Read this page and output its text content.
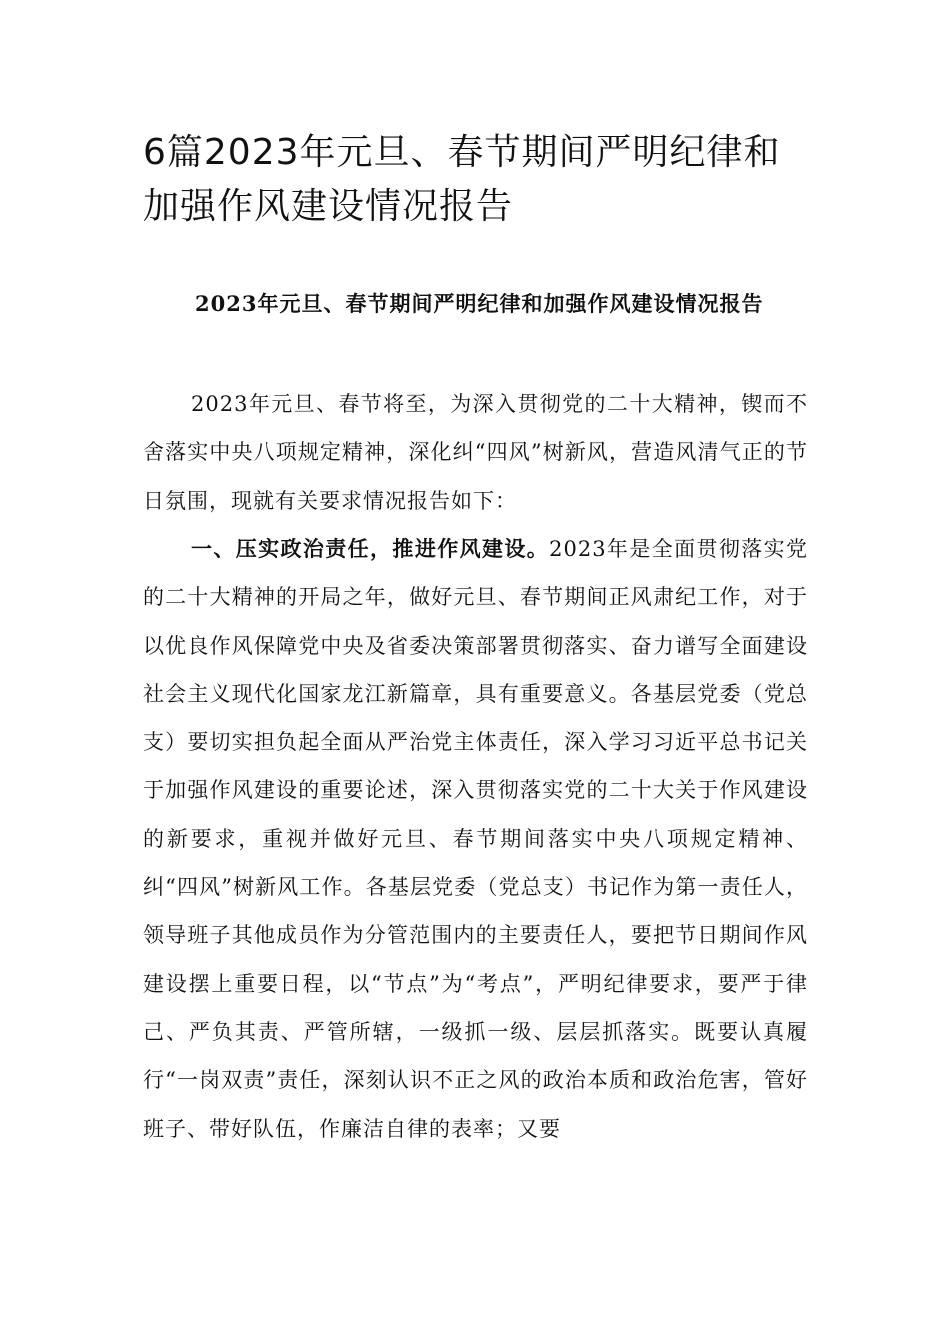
6篇2023年元旦、春节期间严明纪律和加强作风建设情况报告

2023年元旦、春节期间严明纪律和加强作风建设情况报告

2023年元旦、春节将至，为深入贯彻党的二十大精神，锲而不舍落实中央八项规定精神，深化纠“四风”树新风，营造风清气正的节日氛围，现就有关要求情况报告如下：

一、压实政治责任，推进作风建设。2023年是全面贯彻落实党的二十大精神的开局之年，做好元旦、春节期间正风肃纪工作，对于以优良作风保障党中央及省委决策部署贯彻落实、奋力谱写全面建设社会主义现代化国家龙江新篇章，具有重要意义。各基层党委（党总支）要切实担负起全面从严治党主体责任，深入学习习近平总书记关于加强作风建设的重要论述，深入贯彻落实党的二十大关于作风建设的新要求，重视并做好元旦、春节期间落实中央八项规定精神、纠“四风”树新风工作。各基层党委（党总支）书记作为第一责任人，领导班子其他成员作为分管范围内的主要责任人，要把节日期间作风建设摆上重要日程，以“节点”为“考点”，严明纪律要求，要严于律己、严负其责、严管所辖，一级抓一级、层层抓落实。既要认真履行“一岗双责”责任，深刻认识不正之风的政治本质和政治危害，管好班子、带好队伍，作廉洁自律的表率；又要
